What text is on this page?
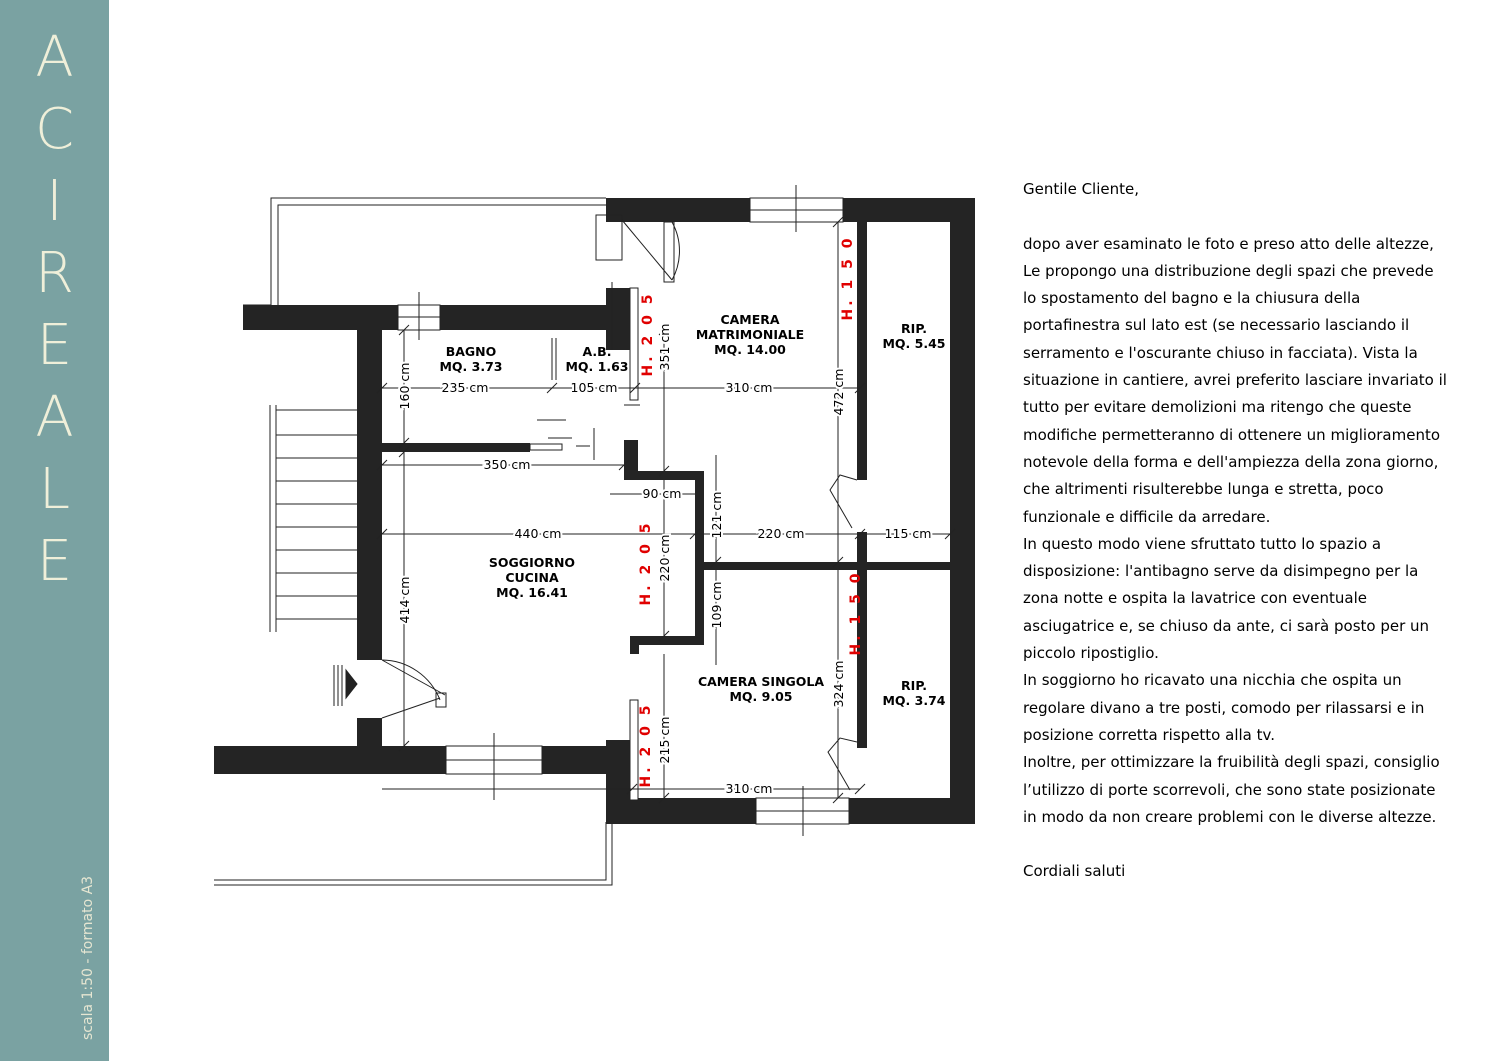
A
C
I
R
E
A
L
E
scala 1:50 - formato A3
BAGNO
MQ. 3.73
A.B.
MQ. 1.63
CAMERA
MATRIMONIALE
MQ. 14.00
RIP.
MQ. 5.45
SOGGIORNO
CUCINA
MQ. 16.41
CAMERA SINGOLA
MQ. 9.05
RIP.
MQ. 3.74
235 cm	105 cm	310 cm
350 cm
90 cm
440 cm	220 cm	115 cm
310 cm
160 cm
414 cm
351 cm
220 cm
215 cm
121 cm
109 cm
472 cm
324 cm
H. 2 0 5
H. 1 5 0
H. 2 0 5
H. 1 5 0
H. 2 0 5

Gentile Cliente,

dopo aver esaminato le foto e preso atto delle altezze,

Le propongo una distribuzione degli spazi che prevede

lo spostamento del bagno e la chiusura della

portafinestra sul lato est (se necessario lasciando il

serramento e l'oscurante chiuso in facciata). Vista la

situazione in cantiere, avrei preferito lasciare invariato il

tutto per evitare demolizioni ma ritengo che queste

modifiche permetteranno di ottenere un miglioramento

notevole della forma e dell'ampiezza della zona giorno,

che altrimenti risulterebbe lunga e stretta, poco

funzionale e difficile da arredare.

In questo modo viene sfruttato tutto lo spazio a

disposizione: l'antibagno serve da disimpegno per la

zona notte e ospita la lavatrice con eventuale

asciugatrice e, se chiuso da ante, ci sarà posto per un

piccolo ripostiglio.

In soggiorno ho ricavato una nicchia che ospita un

regolare divano a tre posti, comodo per rilassarsi e in

posizione corretta rispetto alla tv.

Inoltre, per ottimizzare la fruibilità degli spazi, consiglio

l’utilizzo di porte scorrevoli, che sono state posizionate

in modo da non creare problemi con le diverse altezze.

Cordiali saluti
